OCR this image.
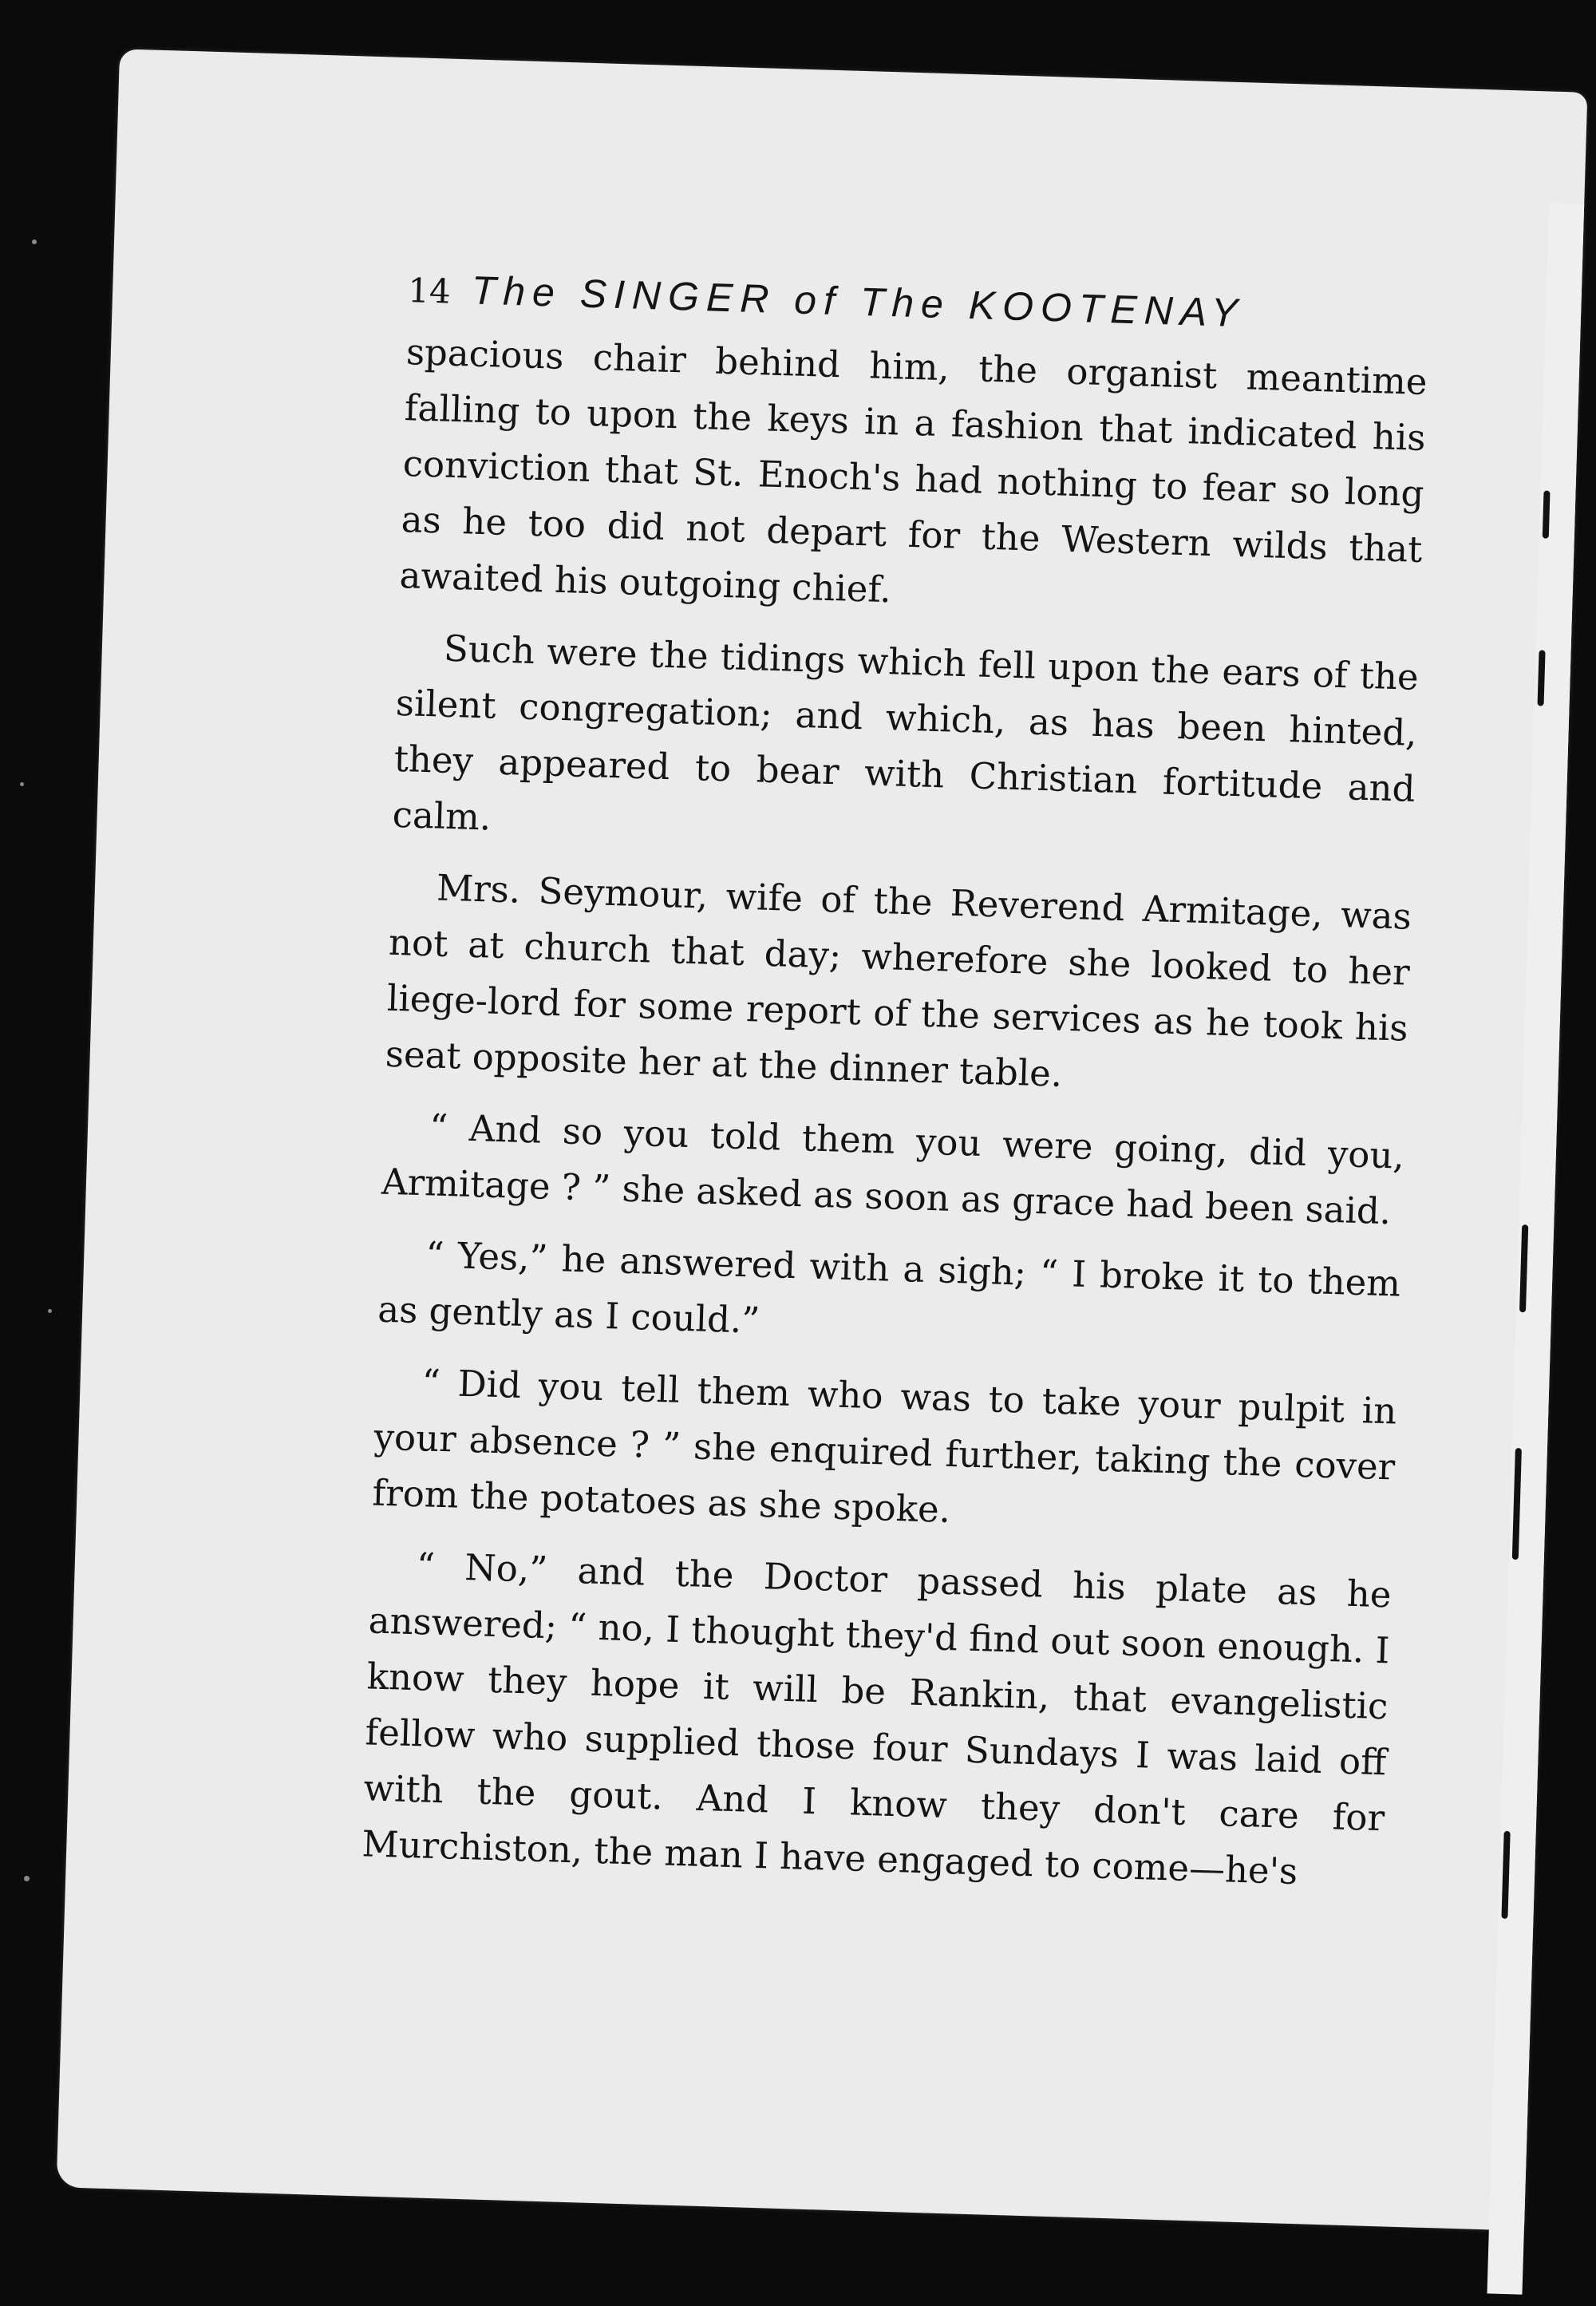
14 The SINGER of The KOOTENAY

spacious chair behind him, the organist meantime falling to upon the keys in a fashion that indicated his conviction that St. Enoch's had nothing to fear so long as he too did not depart for the Western wilds that awaited his outgoing chief.

Such were the tidings which fell upon the ears of the silent congregation; and which, as has been hinted, they appeared to bear with Christian fortitude and calm.

Mrs. Seymour, wife of the Reverend Armitage, was not at church that day; wherefore she looked to her liege-lord for some report of the services as he took his seat opposite her at the dinner table.

“ And so you told them you were going, did you, Armitage ? ” she asked as soon as grace had been said.

“ Yes,” he answered with a sigh; “ I broke it to them as gently as I could.”

“ Did you tell them who was to take your pulpit in your absence ? ” she enquired further, taking the cover from the potatoes as she spoke.

“ No,” and the Doctor passed his plate as he answered; “ no, I thought they'd find out soon enough. I know they hope it will be Rankin, that evangelistic fellow who supplied those four Sundays I was laid off with the gout. And I know they don't care for Murchiston, the man I have engaged to come—he's
